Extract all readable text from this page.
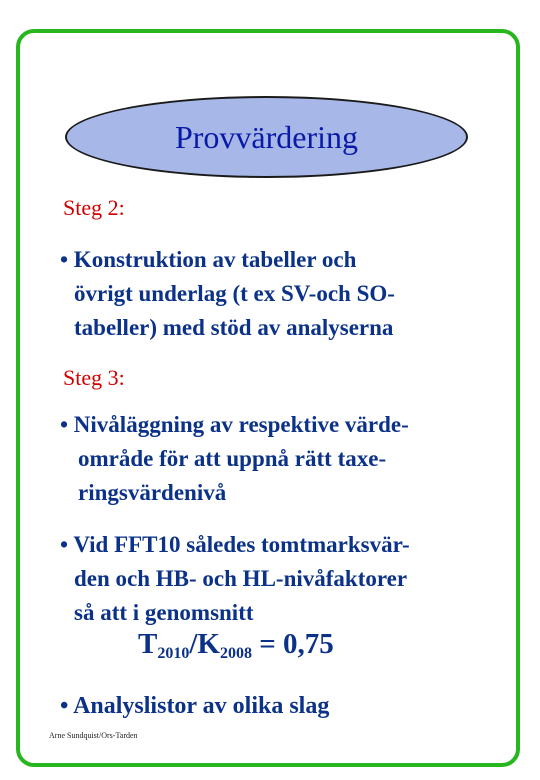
Provvärdering
Steg 2:
• Konstruktion av tabeller och
övrigt underlag (t ex SV-och SO-
tabeller) med stöd av analyserna
Steg 3:
• Nivåläggning av respektive värde-
område för att uppnå rätt taxe-
ringsvärdenivå
• Vid FFT10 således tomtmarksvär-
den och HB- och HL-nivåfaktorer
så att i genomsnitt
$T_{2010}/K_{2008} = 0,75$
• Analyslistor av olika slag
Arne Sundquist/Ors-Tarden
